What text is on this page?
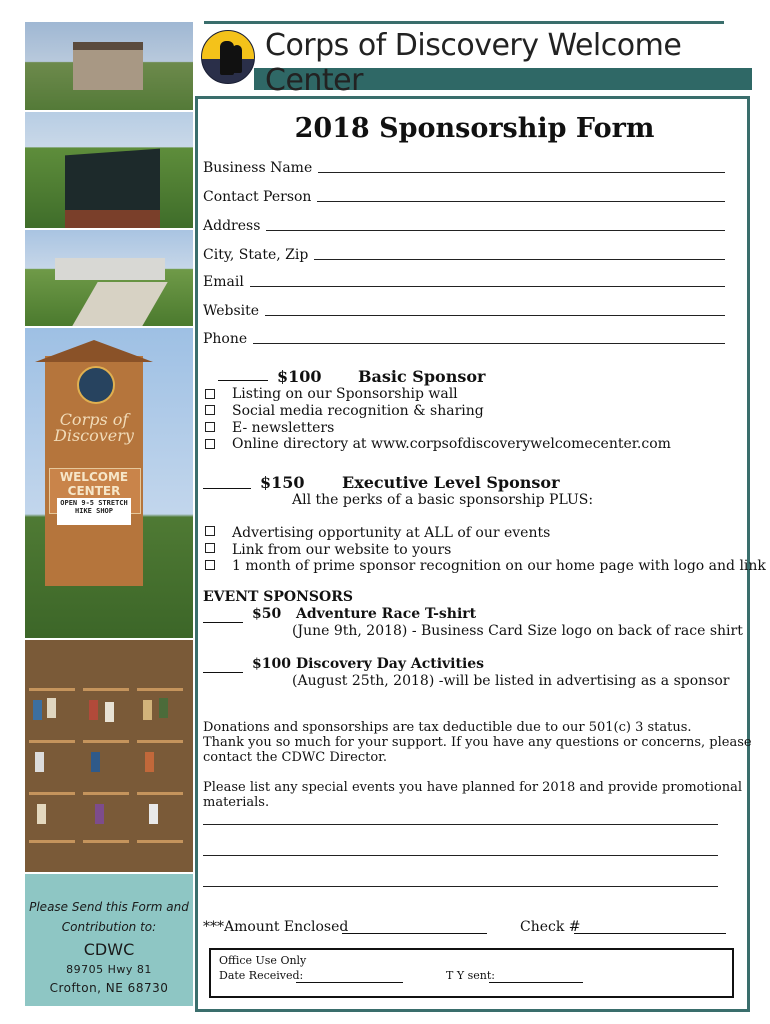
Corps of Discovery
WELCOME CENTER
OPEN 9-5 STRETCH HIKE SHOP
Please Send this Form and
Contribution to:
CDWC
89705 Hwy 81
Crofton, NE 68730
Corps of Discovery Welcome Center
2018 Sponsorship Form
Business Name
Contact Person
Address
City, State, Zip
Email
Website
Phone
$100 Basic Sponsor
Listing on our Sponsorship wall
Social media recognition & sharing
E- newsletters
Online directory at www.corpsofdiscoverywelcomecenter.com
$150 Executive Level Sponsor
All the perks of a basic sponsorship PLUS:
Advertising opportunity at ALL of our events
Link from our website to yours
1 month of prime sponsor recognition on our home page with logo and link
EVENT SPONSORS
$50 Adventure Race T-shirt
(June 9th, 2018) - Business Card Size logo on back of race shirt
$100 Discovery Day Activities
(August 25th, 2018) -will be listed in advertising as a sponsor
Donations and sponsorships are tax deductible due to our 501(c) 3 status.
Thank you so much for your support. If you have any questions or concerns, please
contact the CDWC Director.
Please list any special events you have planned for 2018 and provide promotional
materials.
***Amount Enclosed	Check #
Office Use Only
Date Received:	T Y sent:
